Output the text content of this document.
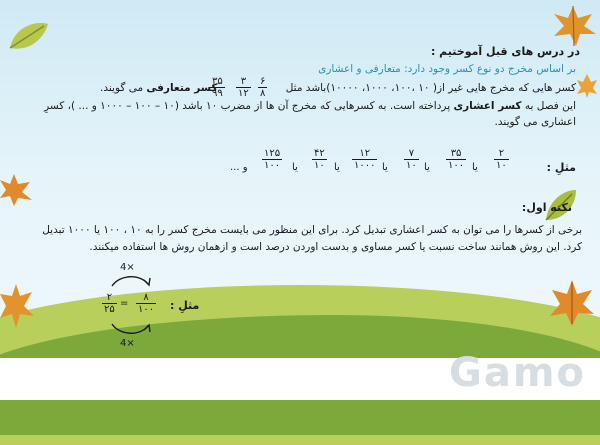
Gamo
در درس های قبل آموختیم :
بر اساس مخرج دو نوع کسر وجود دارد: متعارفی و اعشاری
کسر هایی که مخرج هایی غیر از( ۱۰ ،۱۰۰، ۱۰۰۰، ۱۰۰۰۰)باشد مثل
۶
۸
۳
۱۲
۳۵
۹۹
کسر متعارفی می گویند.
این فصل به کسر اعشاری پرداخته است. به کسرهایی که مخرج آن ها از مضرب ۱۰ باشد (۱۰ – ۱۰۰ – ۱۰۰۰ و ... )، کسرِ
اعشاری می گویند.
مثلِ :
۲
۱۰
یا
۳۵
۱۰۰
یا
۷
۱۰
یا
۱۲
۱۰۰۰
یا
۴۲
۱۰
یا
۱۲۵
۱۰۰
... و
نکته اول:
برخی از کسرها را می توان به کسر اعشاری تبدیل کرد. برای این منظور می بایست مخرج کسر را به ۱۰ ، ۱۰۰ یا ۱۰۰۰ تبدیل
کرد. این روش همانند ساخت نسبت یا کسر مساوی و بدست اوردن درصد است و ازهمان روش ها استفاده میکنند.
4×
۲
۲۵
=
۸
۱۰۰ مثلِ :
4×
